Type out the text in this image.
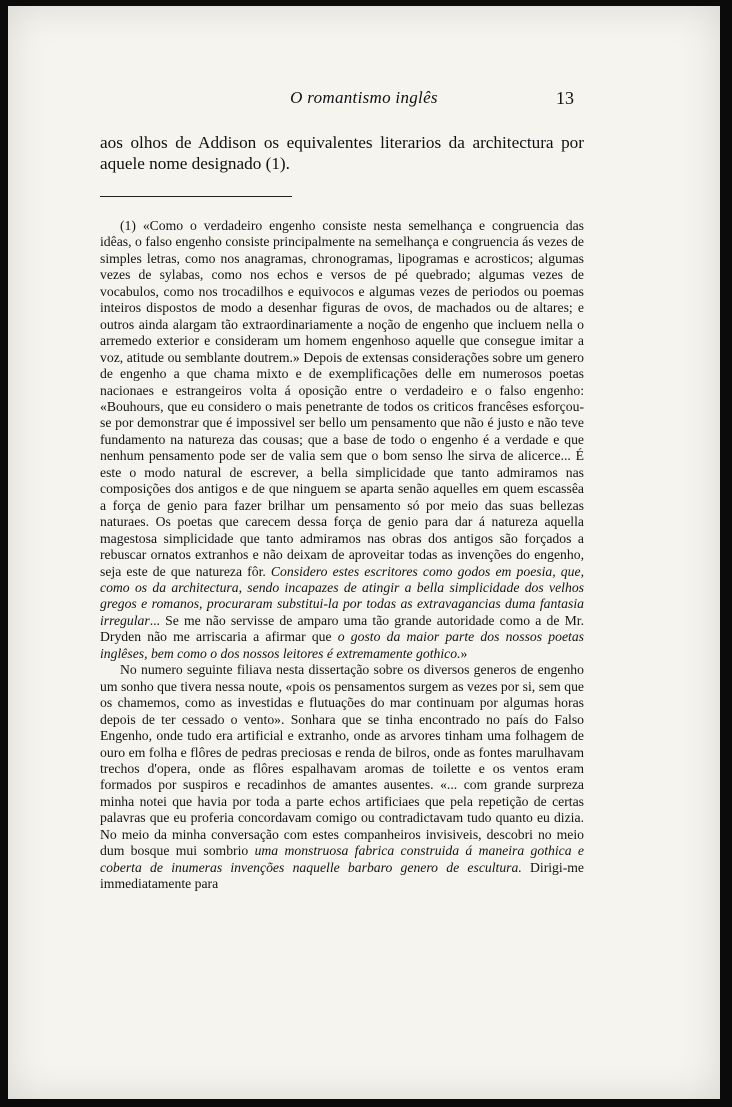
O romantismo inglês	13
aos olhos de Addison os equivalentes literarios da architectura por aquele nome designado (1).

(1) «Como o verdadeiro engenho consiste nesta semelhança e congruencia das idêas, o falso engenho consiste principalmente na semelhança e congruencia ás vezes de simples letras, como nos anagramas, chronogramas, lipogramas e acrosticos; algumas vezes de sylabas, como nos echos e versos de pé quebrado; algumas vezes de vocabulos, como nos trocadilhos e equivocos e algumas vezes de periodos ou poemas inteiros dispostos de modo a desenhar figuras de ovos, de machados ou de altares; e outros ainda alargam tão extraordinariamente a noção de engenho que incluem nella o arremedo exterior e consideram um homem engenhoso aquelle que consegue imitar a voz, atitude ou semblante doutrem.» Depois de extensas considerações sobre um genero de engenho a que chama mixto e de exemplificações delle em numerosos poetas nacionaes e estrangeiros volta á oposição entre o verdadeiro e o falso engenho: «Bouhours, que eu considero o mais penetrante de todos os criticos francêses esforçou-se por demonstrar que é impossivel ser bello um pensamento que não é justo e não teve fundamento na natureza das cousas; que a base de todo o engenho é a verdade e que nenhum pensamento pode ser de valia sem que o bom senso lhe sirva de alicerce... É este o modo natural de escrever, a bella simplicidade que tanto admiramos nas composições dos antigos e de que ninguem se aparta senão aquelles em quem escassêa a força de genio para fazer brilhar um pensamento só por meio das suas bellezas naturaes. Os poetas que carecem dessa força de genio para dar á natureza aquella magestosa simplicidade que tanto admiramos nas obras dos antigos são forçados a rebuscar ornatos extranhos e não deixam de aproveitar todas as invenções do engenho, seja este de que natureza fôr. Considero estes escritores como godos em poesia, que, como os da architectura, sendo incapazes de atingir a bella simplicidade dos velhos gregos e romanos, procuraram substitui-la por todas as extravagancias duma fantasia irregular... Se me não servisse de amparo uma tão grande autoridade como a de Mr. Dryden não me arriscaria a afirmar que o gosto da maior parte dos nossos poetas inglêses, bem como o dos nossos leitores é extremamente gothico.»

No numero seguinte filiava nesta dissertação sobre os diversos generos de engenho um sonho que tivera nessa noute, «pois os pensamentos surgem as vezes por si, sem que os chamemos, como as investidas e flutuações do mar continuam por algumas horas depois de ter cessado o vento». Sonhara que se tinha encontrado no país do Falso Engenho, onde tudo era artificial e extranho, onde as arvores tinham uma folhagem de ouro em folha e flôres de pedras preciosas e renda de bilros, onde as fontes marulhavam trechos d'opera, onde as flôres espalhavam aromas de toilette e os ventos eram formados por suspiros e recadinhos de amantes ausentes. «... com grande surpreza minha notei que havia por toda a parte echos artificiaes que pela repetição de certas palavras que eu proferia concordavam comigo ou contradictavam tudo quanto eu dizia. No meio da minha conversação com estes companheiros invisiveis, descobri no meio dum bosque mui sombrio uma monstruosa fabrica construida á maneira gothica e coberta de inumeras invenções naquelle barbaro genero de escultura. Dirigi-me immediatamente para
